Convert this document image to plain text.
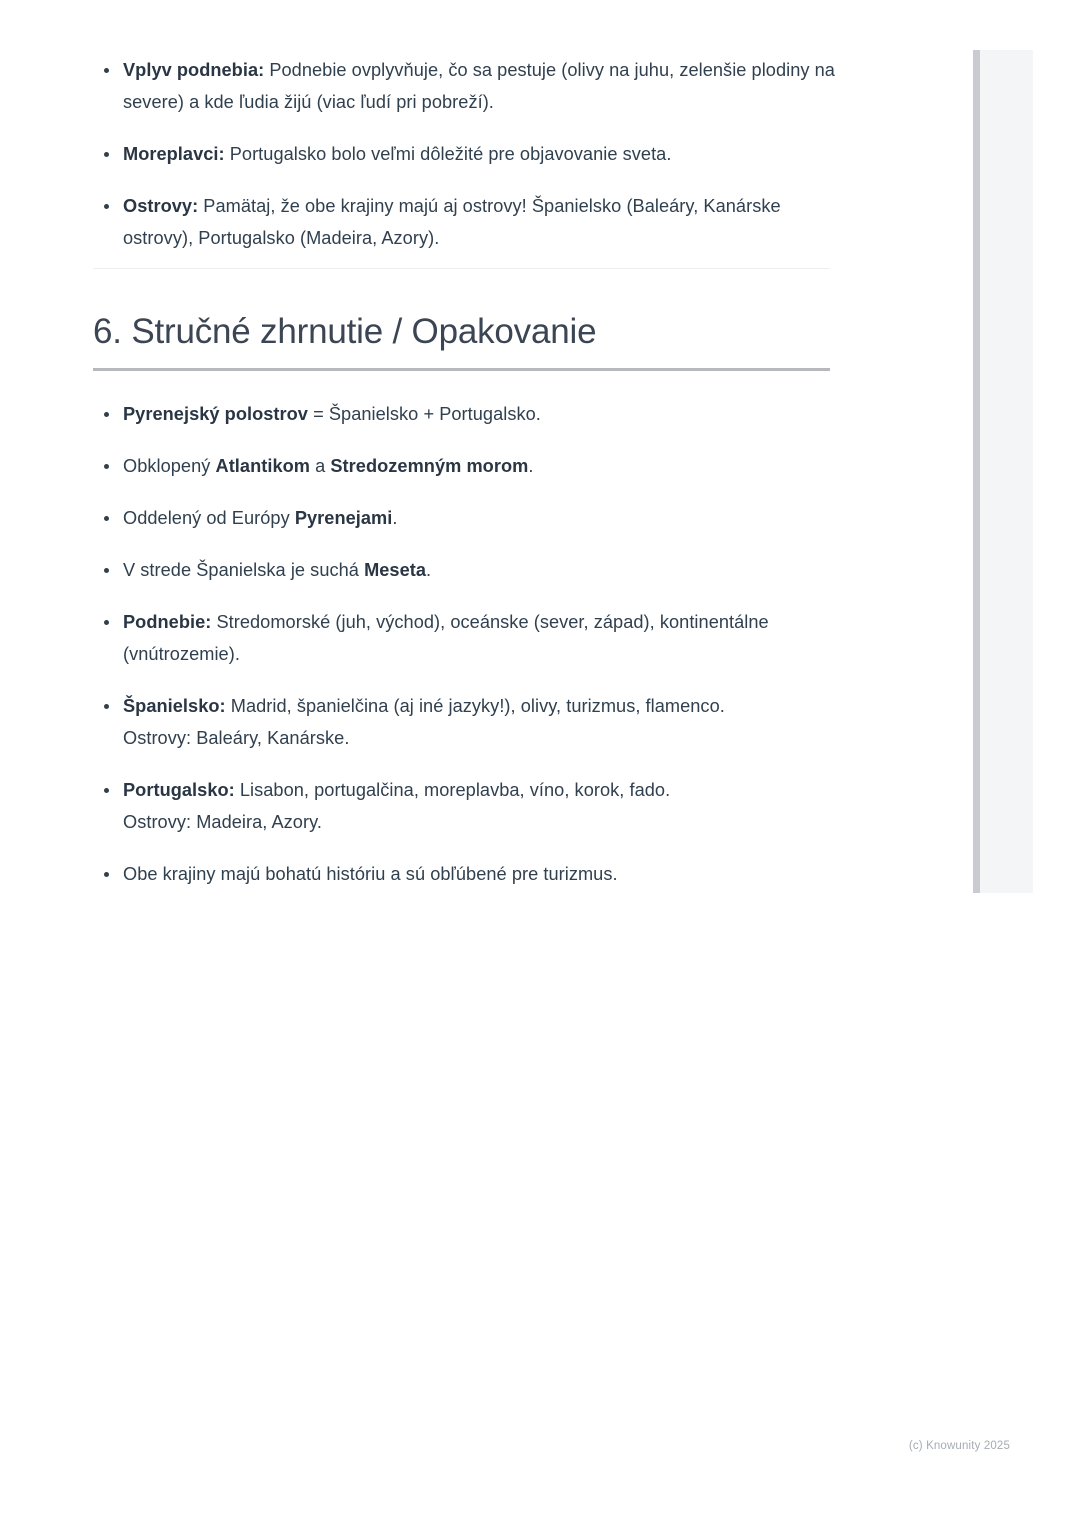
Vplyv podnebia: Podnebie ovplyvňuje, čo sa pestuje (olivy na juhu, zelenšie plodiny na severe) a kde ľudia žijú (viac ľudí pri pobreží).
Moreplavci: Portugalsko bolo veľmi dôležité pre objavovanie sveta.
Ostrovy: Pamätaj, že obe krajiny majú aj ostrovy! Španielsko (Baleáry, Kanárske ostrovy), Portugalsko (Madeira, Azory).
6. Stručné zhrnutie / Opakovanie
Pyrenejský polostrov = Španielsko + Portugalsko.
Obklopený Atlantikom a Stredozemným morom.
Oddelený od Európy Pyrenejami.
V strede Španielska je suchá Meseta.
Podnebie: Stredomorské (juh, východ), oceánske (sever, západ), kontinentálne (vnútrozemie).
Španielsko: Madrid, španielčina (aj iné jazyky!), olivy, turizmus, flamenco.
Ostrovy: Baleáry, Kanárske.
Portugalsko: Lisabon, portugalčina, moreplavba, víno, korok, fado.
Ostrovy: Madeira, Azory.
Obe krajiny majú bohatú históriu a sú obľúbené pre turizmus.
(c) Knowunity 2025
